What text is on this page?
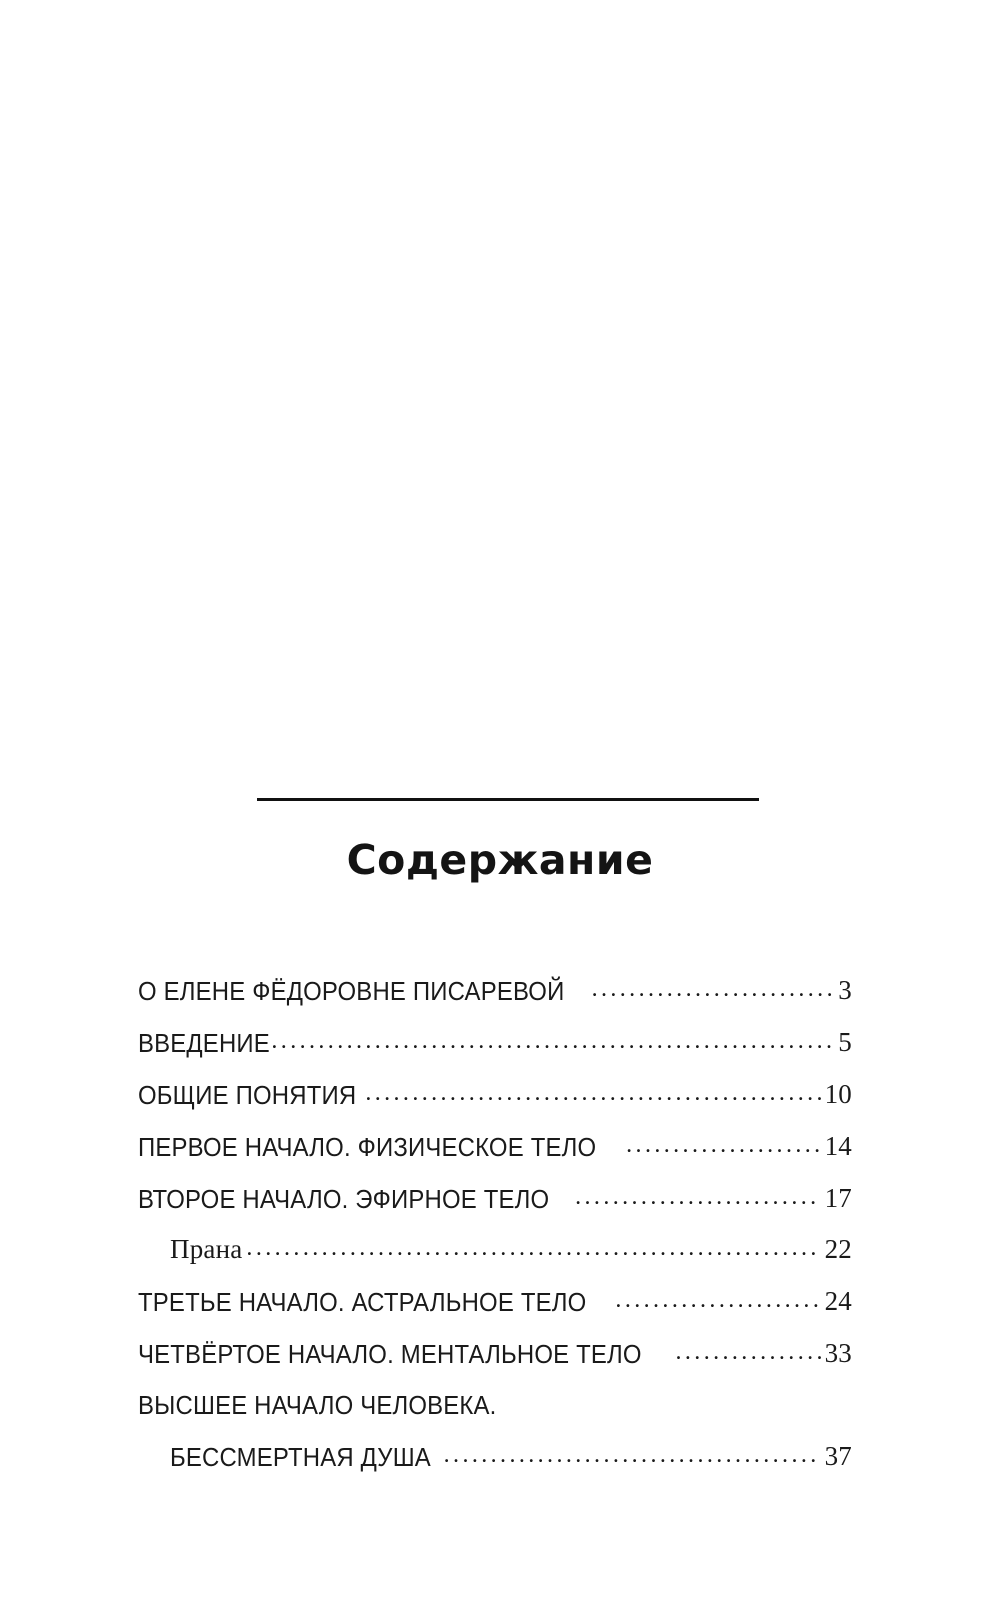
Содержание
О ЕЛЕНЕ ФЁДОРОВНЕ ПИСАРЕВОЙ . . .	3
ВВЕДЕНИЕ . . .	5
ОБЩИЕ ПОНЯТИЯ . . .	10
ПЕРВОЕ НАЧАЛО. ФИЗИЧЕСКОЕ ТЕЛО . . .	14
ВТОРОЕ НАЧАЛО. ЭФИРНОЕ ТЕЛО . . .	17
Прана . . .	22
ТРЕТЬЕ НАЧАЛО. АСТРАЛЬНОЕ ТЕЛО . . .	24
ЧЕТВЁРТОЕ НАЧАЛО. МЕНТАЛЬНОЕ ТЕЛО . . .	33
ВЫСШЕЕ НАЧАЛО ЧЕЛОВЕКА.
БЕССМЕРТНАЯ ДУША . . .	37
